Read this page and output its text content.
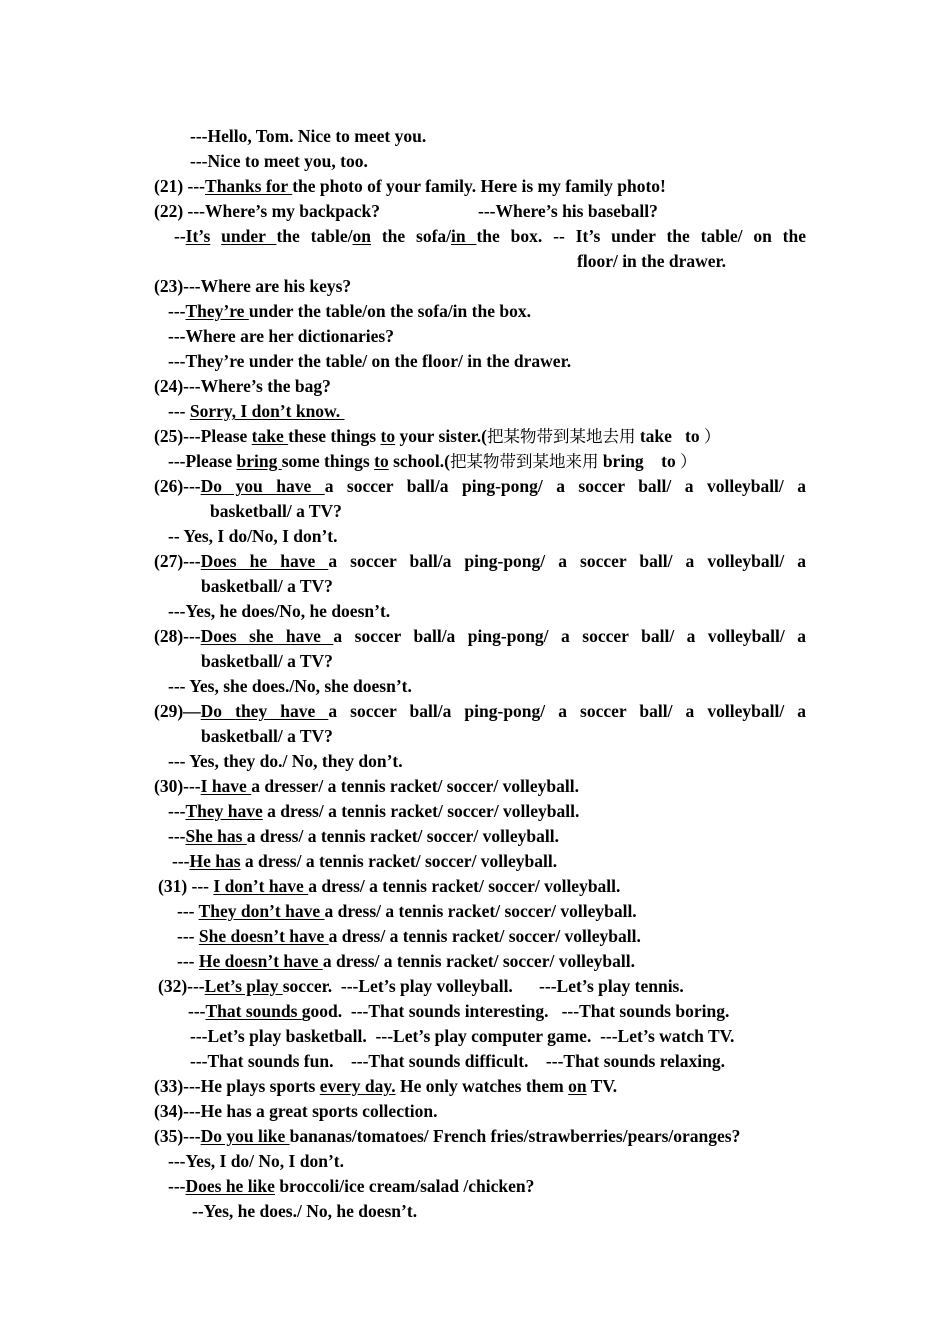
---Hello, Tom. Nice to meet you.
---Nice to meet you, too.
(21) ---Thanks for the photo of your family. Here is my family photo!
(22) ---Where’s my backpack?	---Where’s his baseball?
--It’s under the table/on the sofa/in the box. -- It’s under the table/ on the
floor/ in the drawer.
(23)---Where are his keys?
---They’re under the table/on the sofa/in the box.
---Where are her dictionaries?
---They’re under the table/ on the floor/ in the drawer.
(24)---Where’s the bag?
--- Sorry, I don’t know.
(25)---Please take these things to your sister.(把某物带到某地去用 take   to ）
---Please bring some things to school.(把某物带到某地来用 bring    to ）
(26)---Do you have a soccer ball/a ping-pong/ a soccer ball/ a volleyball/ a
basketball/ a TV?
-- Yes, I do/No, I don’t.
(27)---Does he have a soccer ball/a ping-pong/ a soccer ball/ a volleyball/ a
basketball/ a TV?
---Yes, he does/No, he doesn’t.
(28)---Does she have a soccer ball/a ping-pong/ a soccer ball/ a volleyball/ a
basketball/ a TV?
--- Yes, she does./No, she doesn’t.
(29)—Do they have a soccer ball/a ping-pong/ a soccer ball/ a volleyball/ a
basketball/ a TV?
--- Yes, they do./ No, they don’t.
(30)---I have a dresser/ a tennis racket/ soccer/ volleyball.
---They have a dress/ a tennis racket/ soccer/ volleyball.
---She has a dress/ a tennis racket/ soccer/ volleyball.
---He has a dress/ a tennis racket/ soccer/ volleyball.
(31) --- I don’t have a dress/ a tennis racket/ soccer/ volleyball.
--- They don’t have a dress/ a tennis racket/ soccer/ volleyball.
--- She doesn’t have a dress/ a tennis racket/ soccer/ volleyball.
--- He doesn’t have a dress/ a tennis racket/ soccer/ volleyball.
(32)---Let’s play soccer.  ---Let’s play volleyball.      ---Let’s play tennis.
---That sounds good.  ---That sounds interesting.   ---That sounds boring.
---Let’s play basketball.  ---Let’s play computer game.  ---Let’s watch TV.
---That sounds fun.    ---That sounds difficult.    ---That sounds relaxing.
(33)---He plays sports every day. He only watches them on TV.
(34)---He has a great sports collection.
(35)---Do you like bananas/tomatoes/ French fries/strawberries/pears/oranges?
---Yes, I do/ No, I don’t.
---Does he like broccoli/ice cream/salad /chicken?
--Yes, he does./ No, he doesn’t.
